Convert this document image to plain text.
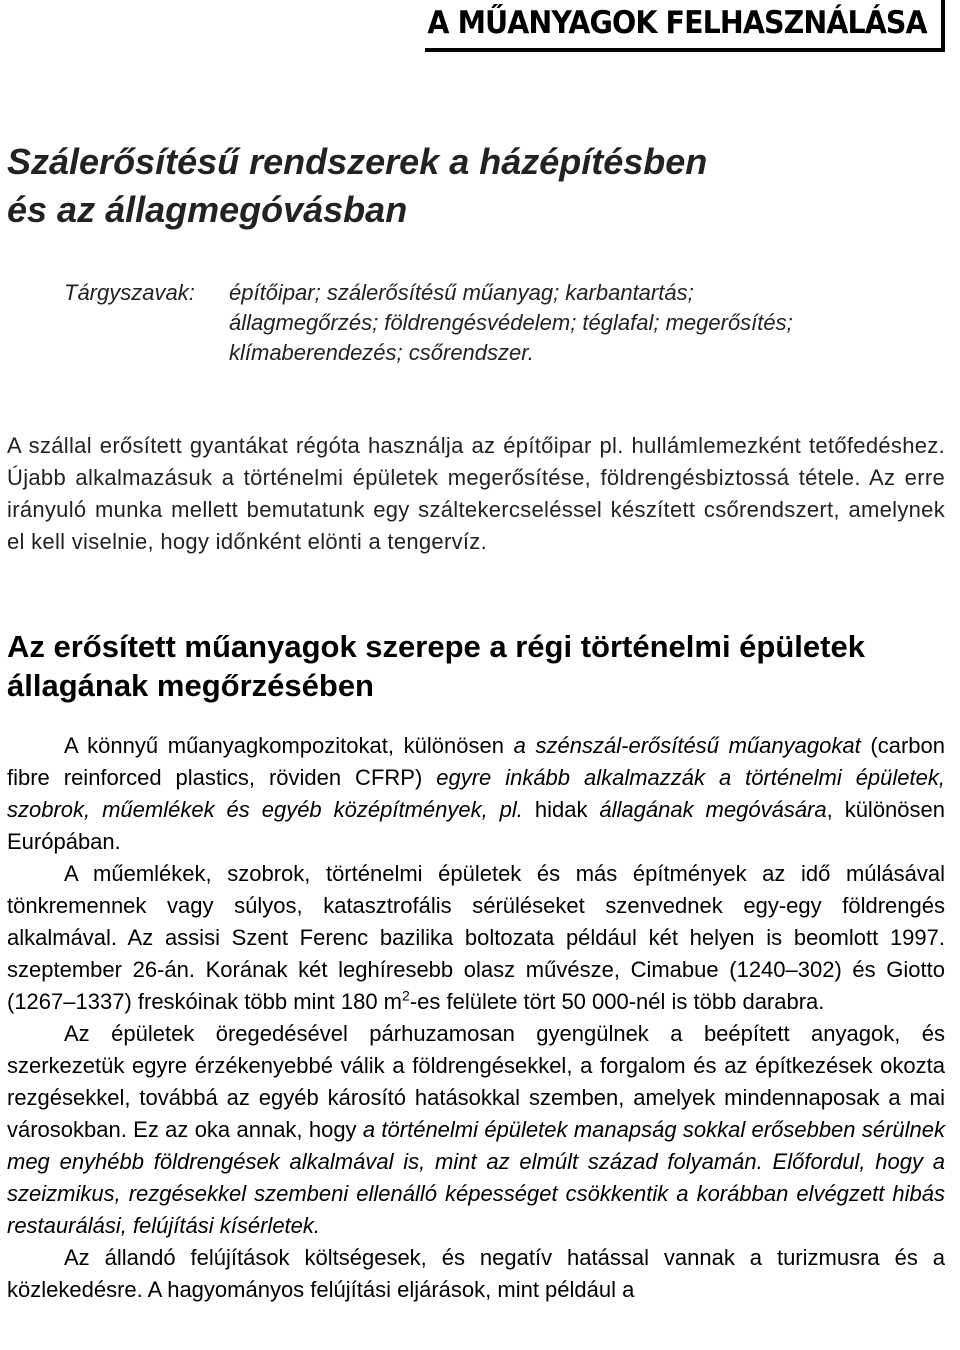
A MŰANYAGOK FELHASZNÁLÁSA
Szálerősítésű rendszerek a házépítésben
és az állagmegóvásban
Tárgyszavak: építőipar; szálerősítésű műanyag; karbantartás;
állagmegőrzés; földrengésvédelem; téglafal; megerősítés;
klímaberendezés; csőrendszer.

A szállal erősített gyantákat régóta használja az építőipar pl. hullámlemezként tetőfedéshez. Újabb alkalmazásuk a történelmi épületek megerősítése, földrengésbiztossá tétele. Az erre irányuló munka mellett bemutatunk egy száltekercseléssel készített csőrendszert, amelynek el kell viselnie, hogy időnként elönti a tengervíz.

Az erősített műanyagok szerepe a régi történelmi épületek állagának megőrzésében

A könnyű műanyagkompozitokat, különösen a szénszál-erősítésű műanyagokat (carbon fibre reinforced plastics, röviden CFRP) egyre inkább alkalmazzák a történelmi épületek, szobrok, műemlékek és egyéb középítmények, pl. hidak állagának megóvására, különösen Európában.

A műemlékek, szobrok, történelmi épületek és más építmények az idő múlásával tönkremennek vagy súlyos, katasztrofális sérüléseket szenvednek egy-egy földrengés alkalmával. Az assisi Szent Ferenc bazilika boltozata például két helyen is beomlott 1997. szeptember 26-án. Korának két leghíresebb olasz művésze, Cimabue (1240–302) és Giotto (1267–1337) freskóinak több mint 180 $m^2-es$ felülete tört 50 000-nél is több darabra.

Az épületek öregedésével párhuzamosan gyengülnek a beépített anyagok, és szerkezetük egyre érzékenyebbé válik a földrengésekkel, a forgalom és az építkezések okozta rezgésekkel, továbbá az egyéb károsító hatásokkal szemben, amelyek mindennaposak a mai városokban. Ez az oka annak, hogy a történelmi épületek manapság sokkal erősebben sérülnek meg enyhébb földrengések alkalmával is, mint az elmúlt század folyamán. Előfordul, hogy a szeizmikus, rezgésekkel szembeni ellenálló képességet csökkentik a korábban elvégzett hibás restaurálási, felújítási kísérletek.

Az állandó felújítások költségesek, és negatív hatással vannak a turizmusra és a közlekedésre. A hagyományos felújítási eljárások, mint például a
